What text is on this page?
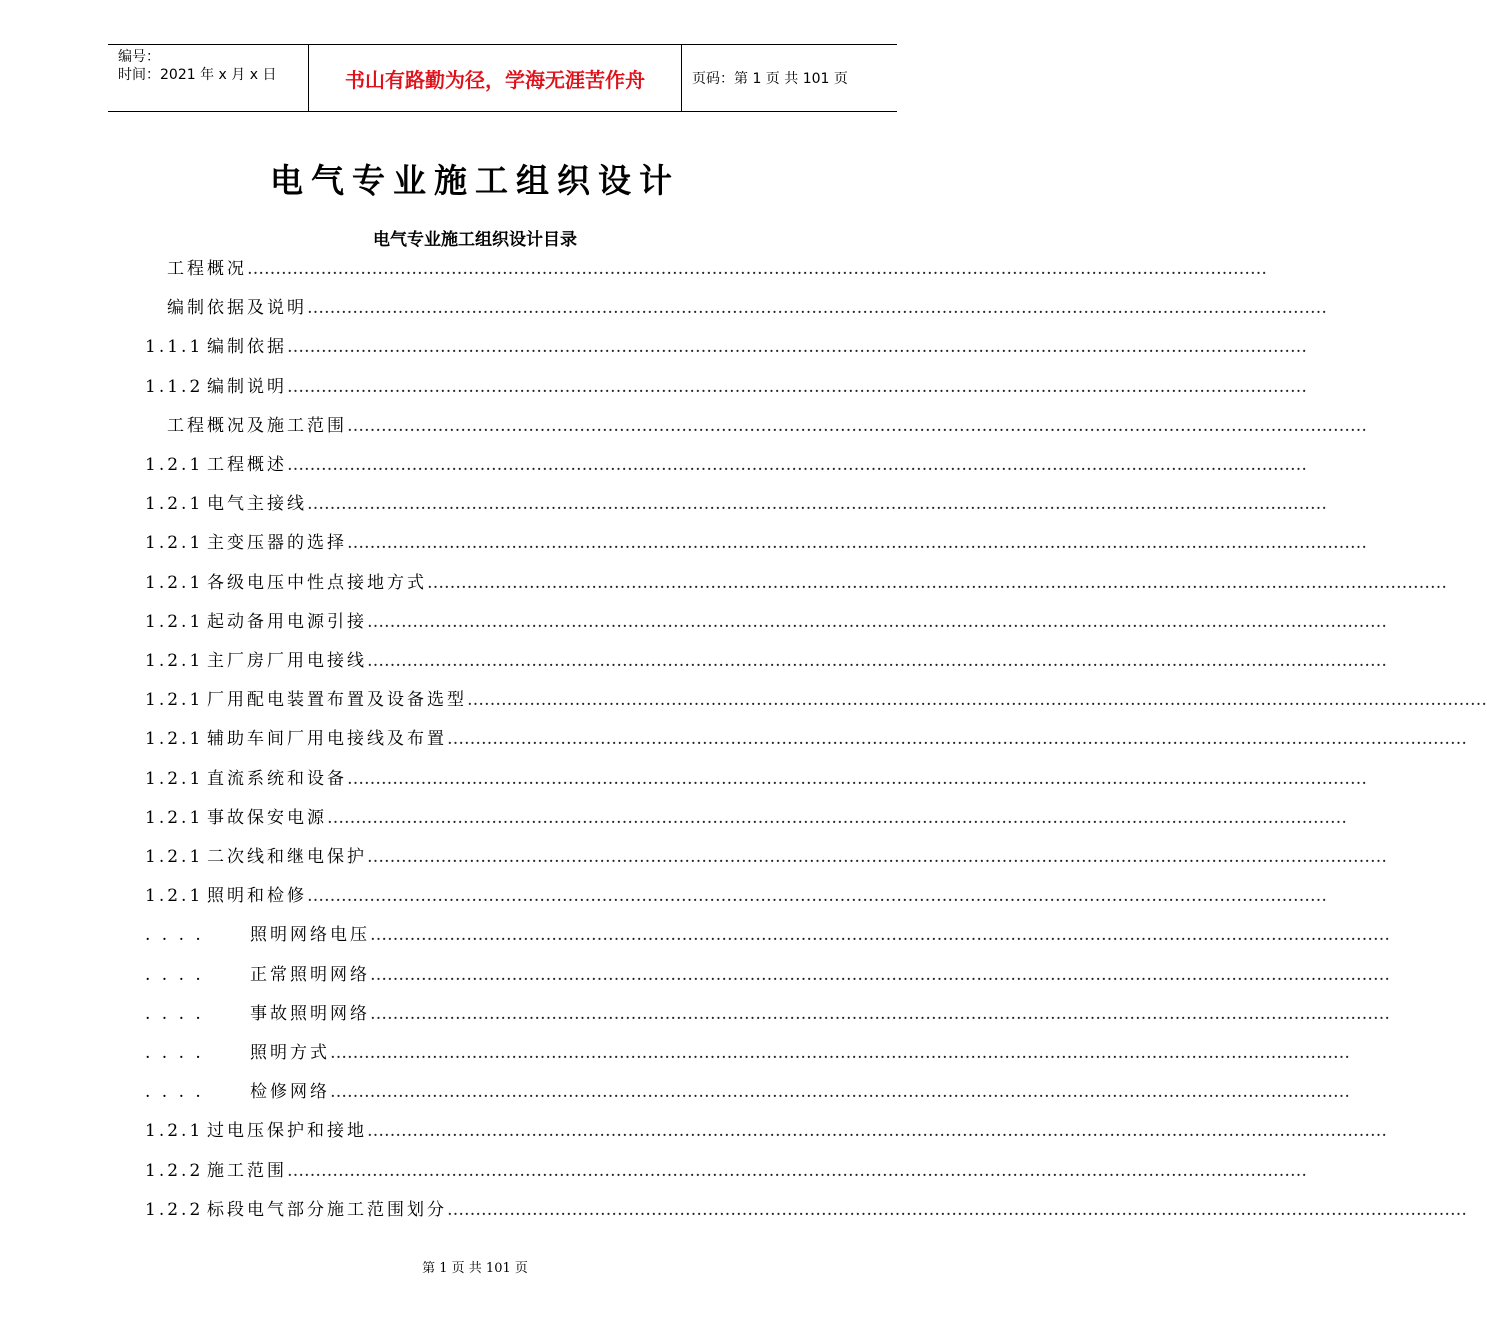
编号：
时间：2021 年 x 月 x 日	书山有路勤为径，学海无涯苦作舟	页码：第 1 页 共 101 页
电气专业施工组织设计
电气专业施工组织设计目录
工程概况………………………………………………………………………………………………………………………………………………………………
编制依据及说明………………………………………………………………………………………………………………………………………………………………
1.1.1 编制依据………………………………………………………………………………………………………………………………………………………………
1.1.2 编制说明………………………………………………………………………………………………………………………………………………………………
工程概况及施工范围………………………………………………………………………………………………………………………………………………………………
1.2.1 工程概述………………………………………………………………………………………………………………………………………………………………
1.2.1 电气主接线………………………………………………………………………………………………………………………………………………………………
1.2.1 主变压器的选择………………………………………………………………………………………………………………………………………………………………
1.2.1 各级电压中性点接地方式………………………………………………………………………………………………………………………………………………………………
1.2.1 起动备用电源引接………………………………………………………………………………………………………………………………………………………………
1.2.1 主厂房厂用电接线………………………………………………………………………………………………………………………………………………………………
1.2.1 厂用配电装置布置及设备选型………………………………………………………………………………………………………………………………………………………………
1.2.1 辅助车间厂用电接线及布置………………………………………………………………………………………………………………………………………………………………
1.2.1 直流系统和设备………………………………………………………………………………………………………………………………………………………………
1.2.1 事故保安电源………………………………………………………………………………………………………………………………………………………………
1.2.1 二次线和继电保护………………………………………………………………………………………………………………………………………………………………
1.2.1 照明和检修………………………………………………………………………………………………………………………………………………………………
. . . .	照明网络电压………………………………………………………………………………………………………………………………………………………………
. . . .	正常照明网络………………………………………………………………………………………………………………………………………………………………
. . . .	事故照明网络………………………………………………………………………………………………………………………………………………………………
. . . .	照明方式………………………………………………………………………………………………………………………………………………………………
. . . .	检修网络………………………………………………………………………………………………………………………………………………………………
1.2.1 过电压保护和接地………………………………………………………………………………………………………………………………………………………………
1.2.2 施工范围………………………………………………………………………………………………………………………………………………………………
1.2.2 标段电气部分施工范围划分………………………………………………………………………………………………………………………………………………………………
第 1 页 共 101 页
